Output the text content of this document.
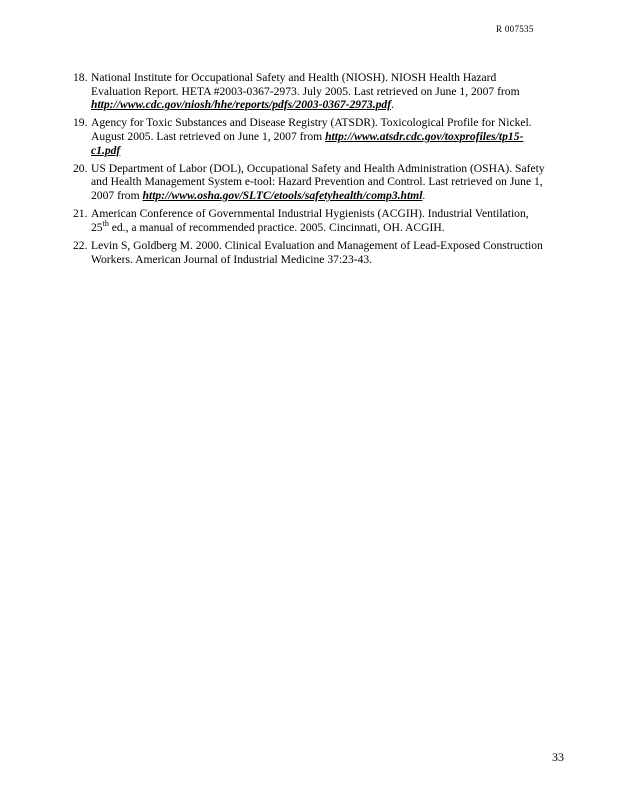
R 007535
18. National Institute for Occupational Safety and Health (NIOSH). NIOSH Health Hazard
Evaluation Report. HETA #2003-0367-2973. July 2005. Last retrieved on June 1, 2007 from
http://www.cdc.gov/niosh/hhe/reports/pdfs/2003-0367-2973.pdf.
19. Agency for Toxic Substances and Disease Registry (ATSDR). Toxicological Profile for Nickel.
August 2005. Last retrieved on June 1, 2007 from http://www.atsdr.cdc.gov/toxprofiles/tp15-
c1.pdf
20. US Department of Labor (DOL), Occupational Safety and Health Administration (OSHA). Safety
and Health Management System e-tool: Hazard Prevention and Control. Last retrieved on June 1,
2007 from http://www.osha.gov/SLTC/etools/safetyhealth/comp3.html.
21. American Conference of Governmental Industrial Hygienists (ACGIH). Industrial Ventilation,
25th ed., a manual of recommended practice. 2005. Cincinnati, OH. ACGIH.
22. Levin S, Goldberg M. 2000. Clinical Evaluation and Management of Lead-Exposed Construction
Workers. American Journal of Industrial Medicine 37:23-43.
33
